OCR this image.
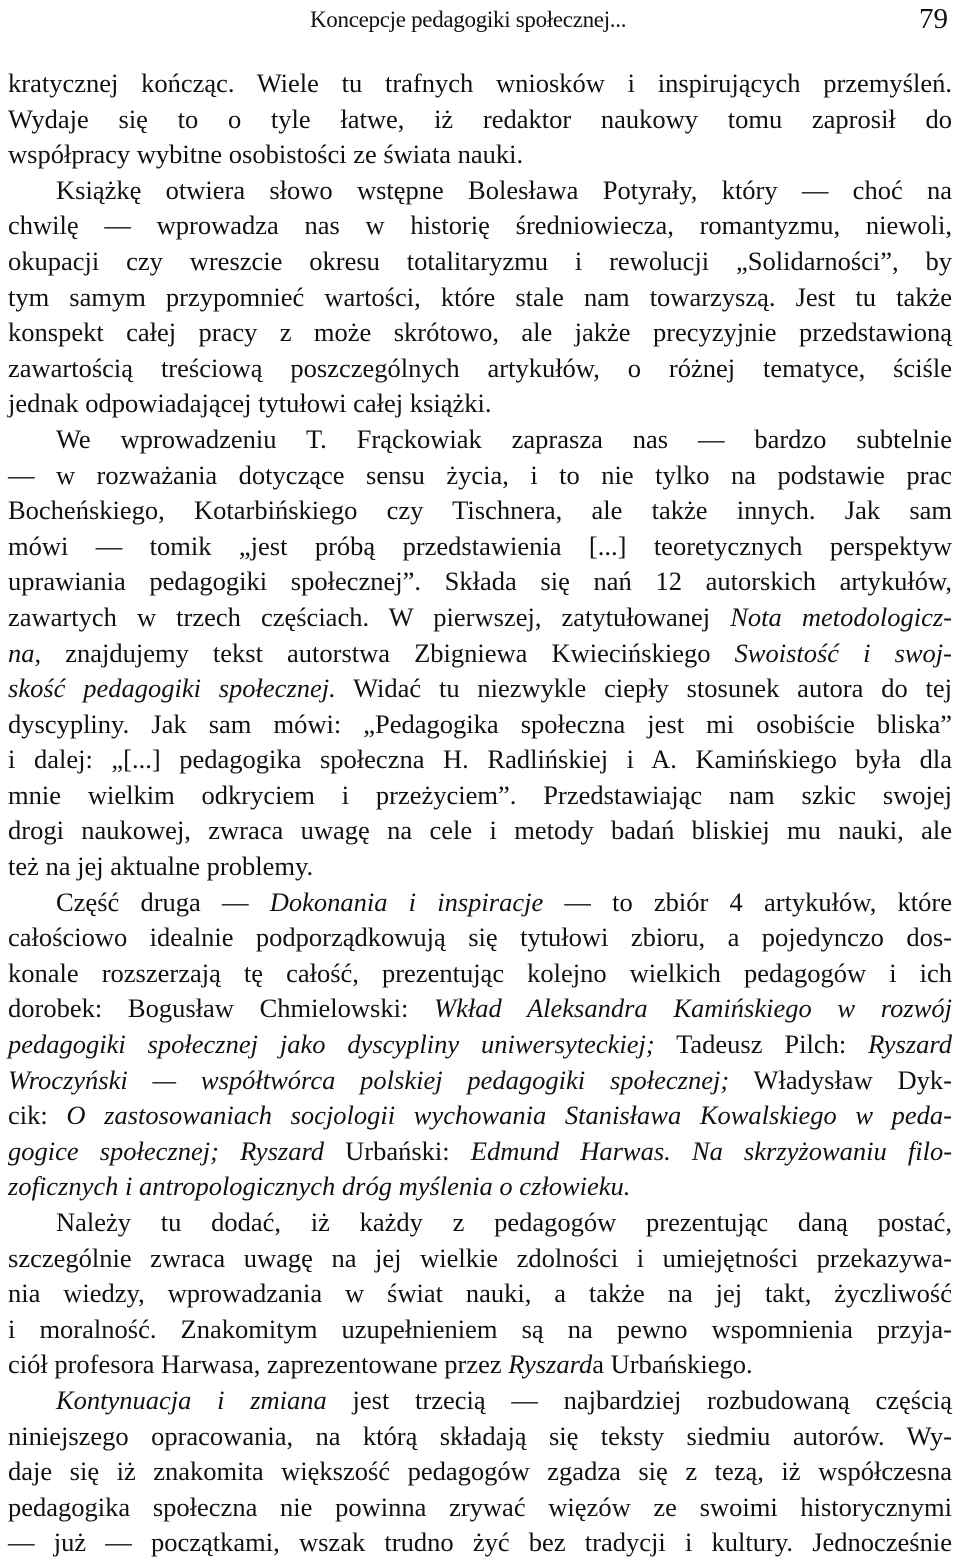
Koncepcje pedagogiki społecznej...	79
kratycznej kończąc. Wiele tu trafnych wniosków i inspirujących przemyśleń.
Wydaje się to o tyle łatwe, iż redaktor naukowy tomu zaprosił do
współpracy wybitne osobistości ze świata nauki.
Książkę otwiera słowo wstępne Bolesława Potyrały, który — choć na
chwilę — wprowadza nas w historię średniowiecza, romantyzmu, niewoli,
okupacji czy wreszcie okresu totalitaryzmu i rewolucji „Solidarności”, by
tym samym przypomnieć wartości, które stale nam towarzyszą. Jest tu także
konspekt całej pracy z może skrótowo, ale jakże precyzyjnie przedstawioną
zawartością treściową poszczególnych artykułów, o różnej tematyce, ściśle
jednak odpowiadającej tytułowi całej książki.
We wprowadzeniu T. Frąckowiak zaprasza nas — bardzo subtelnie
— w rozważania dotyczące sensu życia, i to nie tylko na podstawie prac
Bocheńskiego, Kotarbińskiego czy Tischnera, ale także innych. Jak sam
mówi — tomik „jest próbą przedstawienia [...] teoretycznych perspektyw
uprawiania pedagogiki społecznej”. Składa się nań 12 autorskich artykułów,
zawartych w trzech częściach. W pierwszej, zatytułowanej Nota metodologicz-
na, znajdujemy tekst autorstwa Zbigniewa Kwiecińskiego Swoistość i swoj-
skość pedagogiki społecznej. Widać tu niezwykle ciepły stosunek autora do tej
dyscypliny. Jak sam mówi: „Pedagogika społeczna jest mi osobiście bliska”
i dalej: „[...] pedagogika społeczna H. Radlińskiej i A. Kamińskiego była dla
mnie wielkim odkryciem i przeżyciem”. Przedstawiając nam szkic swojej
drogi naukowej, zwraca uwagę na cele i metody badań bliskiej mu nauki, ale
też na jej aktualne problemy.
Część druga — Dokonania i inspiracje — to zbiór 4 artykułów, które
całościowo idealnie podporządkowują się tytułowi zbioru, a pojedynczo dos-
konale rozszerzają tę całość, prezentując kolejno wielkich pedagogów i ich
dorobek: Bogusław Chmielowski: Wkład Aleksandra Kamińskiego w rozwój
pedagogiki społecznej jako dyscypliny uniwersyteckiej; Tadeusz Pilch: Ryszard
Wroczyński — współtwórca polskiej pedagogiki społecznej; Władysław Dyk-
cik: O zastosowaniach socjologii wychowania Stanisława Kowalskiego w peda-
gogice społecznej; Ryszard Urbański: Edmund Harwas. Na skrzyżowaniu filo-
zoficznych i antropologicznych dróg myślenia o człowieku.
Należy tu dodać, iż każdy z pedagogów prezentując daną postać,
szczególnie zwraca uwagę na jej wielkie zdolności i umiejętności przekazywa-
nia wiedzy, wprowadzania w świat nauki, a także na jej takt, życzliwość
i moralność. Znakomitym uzupełnieniem są na pewno wspomnienia przyja-
ciół profesora Harwasa, zaprezentowane przez Ryszarda Urbańskiego.
Kontynuacja i zmiana jest trzecią — najbardziej rozbudowaną częścią
niniejszego opracowania, na którą składają się teksty siedmiu autorów. Wy-
daje się iż znakomita większość pedagogów zgadza się z tezą, iż współczesna
pedagogika społeczna nie powinna zrywać więzów ze swoimi historycznymi
— już — początkami, wszak trudno żyć bez tradycji i kultury. Jednocześnie
